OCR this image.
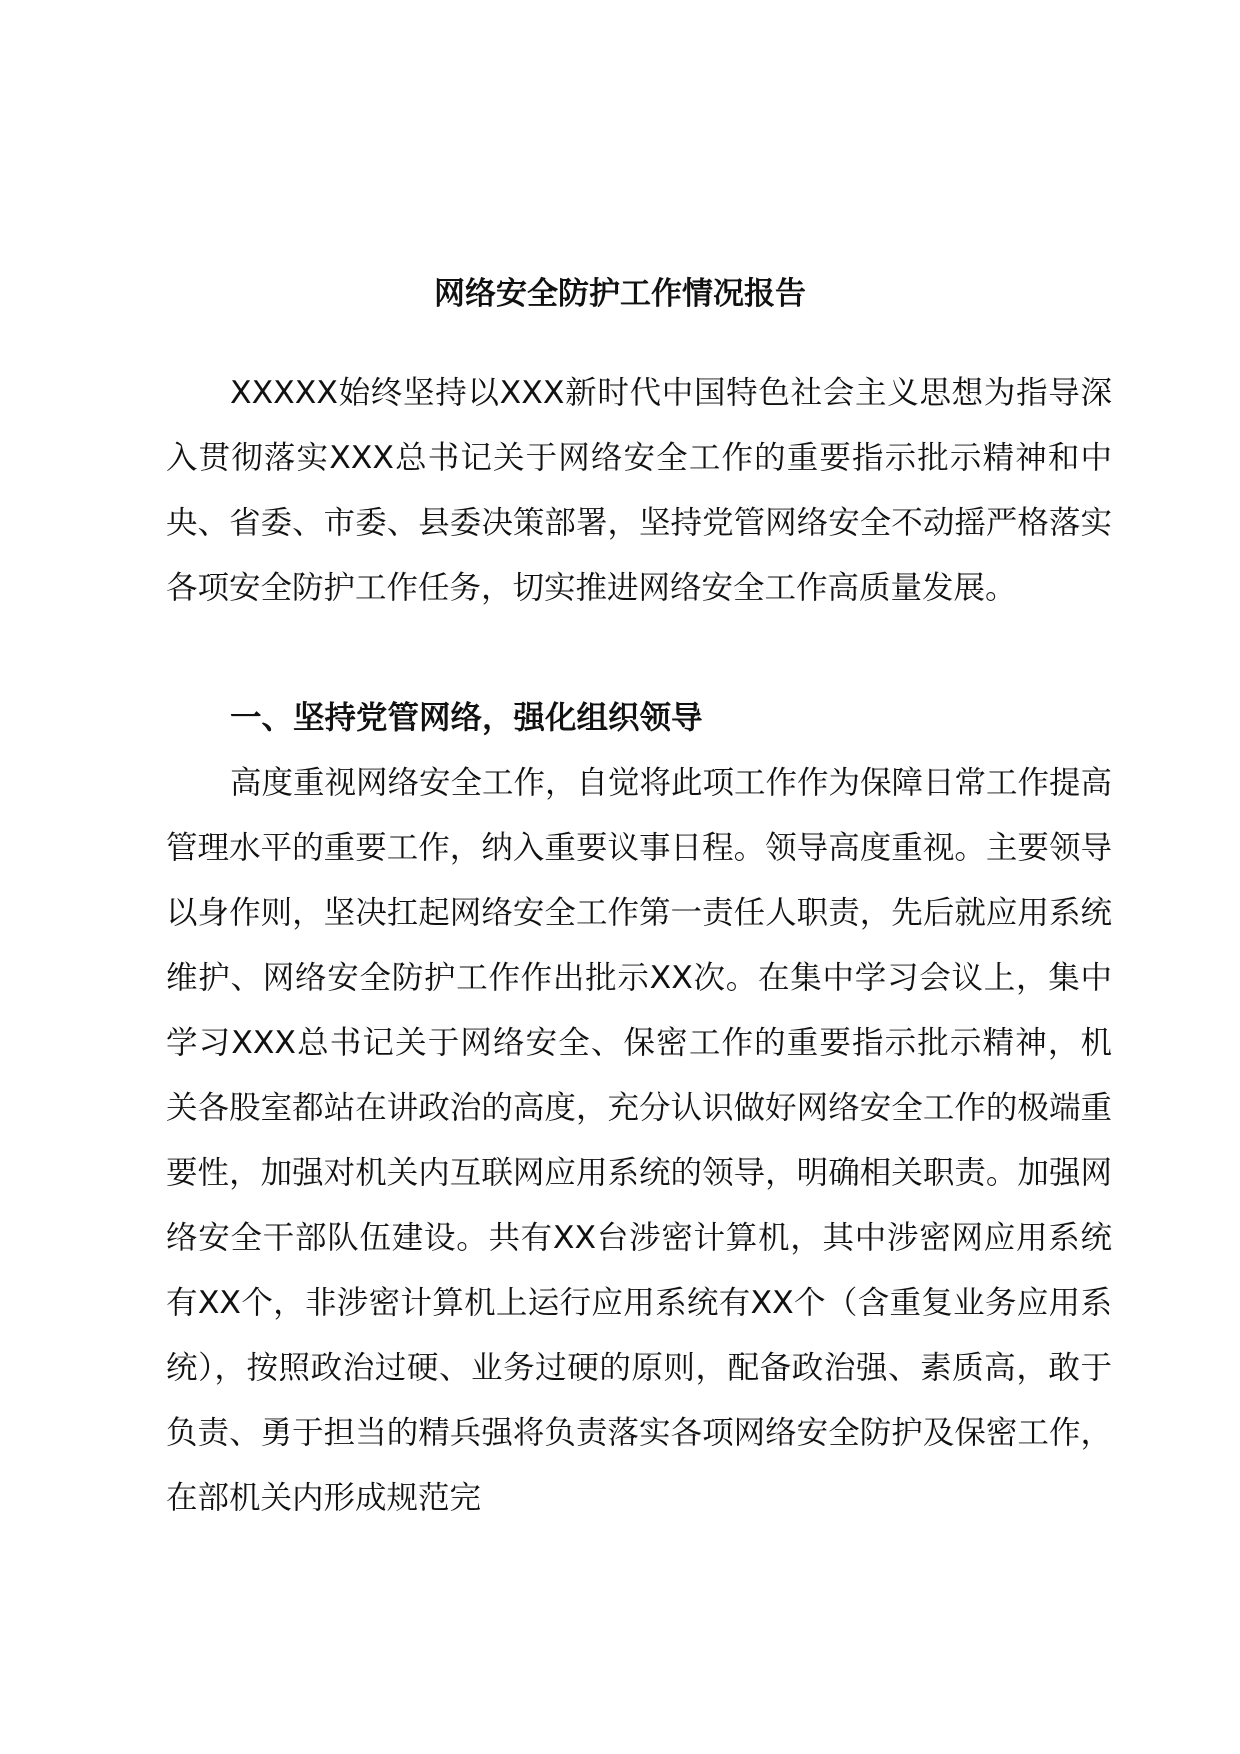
网络安全防护工作情况报告

XXXXX始终坚持以XXX新时代中国特色社会主义思想为指导深入贯彻落实XXX总书记关于网络安全工作的重要指示批示精神和中央、省委、市委、县委决策部署，坚持党管网络安全不动摇严格落实各项安全防护工作任务，切实推进网络安全工作高质量发展。

一、坚持党管网络，强化组织领导

高度重视网络安全工作，自觉将此项工作作为保障日常工作提高管理水平的重要工作，纳入重要议事日程。领导高度重视。主要领导以身作则，坚决扛起网络安全工作第一责任人职责，先后就应用系统维护、网络安全防护工作作出批示XX次。在集中学习会议上，集中学习XXX总书记关于网络安全、保密工作的重要指示批示精神，机关各股室都站在讲政治的高度，充分认识做好网络安全工作的极端重要性，加强对机关内互联网应用系统的领导，明确相关职责。加强网络安全干部队伍建设。共有XX台涉密计算机，其中涉密网应用系统有XX个，非涉密计算机上运行应用系统有XX个（含重复业务应用系统），按照政治过硬、业务过硬的原则，配备政治强、素质高，敢于负责、勇于担当的精兵强将负责落实各项网络安全防护及保密工作，在部机关内形成规范完
